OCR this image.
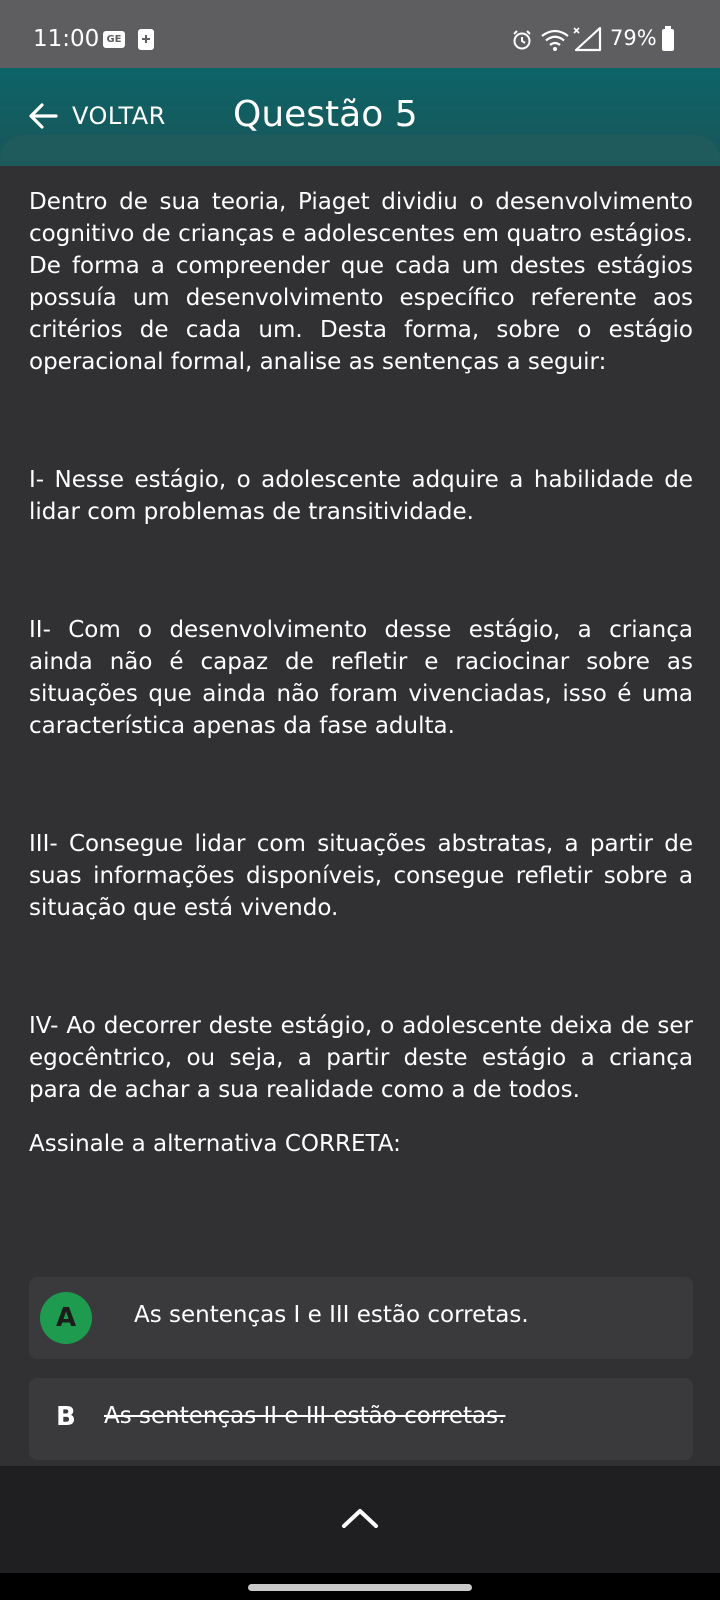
11:00 GE	79%
VOLTAR Questão 5

Dentro de sua teoria, Piaget dividiu o desenvolvimento cognitivo de crianças e adolescentes em quatro estágios. De forma a compreender que cada um destes estágios possuía um desenvolvimento específico referente aos critérios de cada um. Desta forma, sobre o estágio operacional formal, analise as sentenças a seguir:

I- Nesse estágio, o adolescente adquire a habilidade de lidar com problemas de transitividade.

II- Com o desenvolvimento desse estágio, a criança ainda não é capaz de refletir e raciocinar sobre as situações que ainda não foram vivenciadas, isso é uma característica apenas da fase adulta.

III- Consegue lidar com situações abstratas, a partir de suas informações disponíveis, consegue refletir sobre a situação que está vivendo.

IV- Ao decorrer deste estágio, o adolescente deixa de ser egocêntrico, ou seja, a partir deste estágio a criança para de achar a sua realidade como a de todos.

Assinale a alternativa CORRETA:

A	As sentenças I e III estão corretas.
B As sentenças II e III estão corretas.
